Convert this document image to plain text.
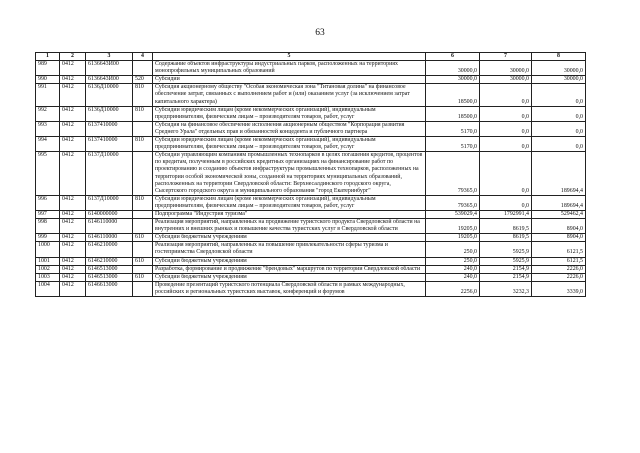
63
1	2	3	4	5	6	7	8
989	0412	6136643И00		Содержание объектов инфраструктуры индустриальных парков, расположенных на территориях монопрофильных муниципальных образований	30000,0	30000,0	30000,0
990	0412	6136643И00	520	Субсидии	30000,0	30000,0	30000,0
991	0412	6136Д10000	810	Субсидия акционерному обществу "Особая экономическая зона "Титановая долина" на финансовое обеспечение затрат, связанных с выполнением работ и (или) оказанием услуг (за исключением затрат капитального характера)	18500,0	0,0	0,0
992	0412	6136Д10000	810	Субсидии юридическим лицам (кроме некоммерческих организаций), индивидуальным предпринимателям, физическим лицам – производителям товаров, работ, услуг	18500,0	0,0	0,0
993	0412	6137410000		Субсидия на финансовое обеспечение исполнения акционерным обществом "Корпорация развития Среднего Урала" отдельных прав и обязанностей концедента и публичного партнера	5170,0	0,0	0,0
994	0412	6137410000	810	Субсидии юридическим лицам (кроме некоммерческих организаций), индивидуальным предпринимателям, физическим лицам – производителям товаров, работ, услуг	5170,0	0,0	0,0
995	0412	6137Д10000		Субсидии управляющим компаниям промышленных технопарков в целях погашения кредитов, процентов по кредитам, полученным в российских кредитных организациях на финансирование работ по проектированию и созданию объектов инфраструктуры промышленных технопарков, расположенных на территории особой экономической зоны, созданной на территориях муниципальных образований, расположенных на территории Свердловской области: Верхнесалдинского городского округа, Сысертского городского округа и муниципального образования "город Екатеринбург"	79365,0	0,0	189694,4
996	0412	6137Д10000	810	Субсидии юридическим лицам (кроме некоммерческих организаций), индивидуальным предпринимателям, физическим лицам – производителям товаров, работ, услуг	79365,0	0,0	189694,4
997	0412	6140000000		Подпрограмма "Индустрия туризма"	539029,4	1792991,4	529462,4
998	0412	6146110000		Реализация мероприятий, направленных на продвижение туристского продукта Свердловской области на внутренних и внешних рынках и повышение качества туристских услуг в Свердловской области	19205,0	8619,5	8904,0
999	0412	6146110000	610	Субсидии бюджетным учреждениям	19205,0	8619,5	8904,0
1000	0412	6146210000		Реализация мероприятий, направленных на повышение привлекательности сферы туризма и гостеприимства Свердловской области	250,0	5925,9	6121,5
1001	0412	6146210000	610	Субсидии бюджетным учреждениям	250,0	5925,9	6121,5
1002	0412	6146513000		Разработка, формирование и продвижение "брендовых" маршрутов по территории Свердловской области	240,0	2154,9	2226,0
1003	0412	6146513000	610	Субсидии бюджетным учреждениям	240,0	2154,9	2226,0
1004	0412	6146613000		Проведение презентаций туристского потенциала Свердловской области в рамках международных, российских и региональных туристских выставок, конференций и форумов	2256,0	3232,3	3339,0
